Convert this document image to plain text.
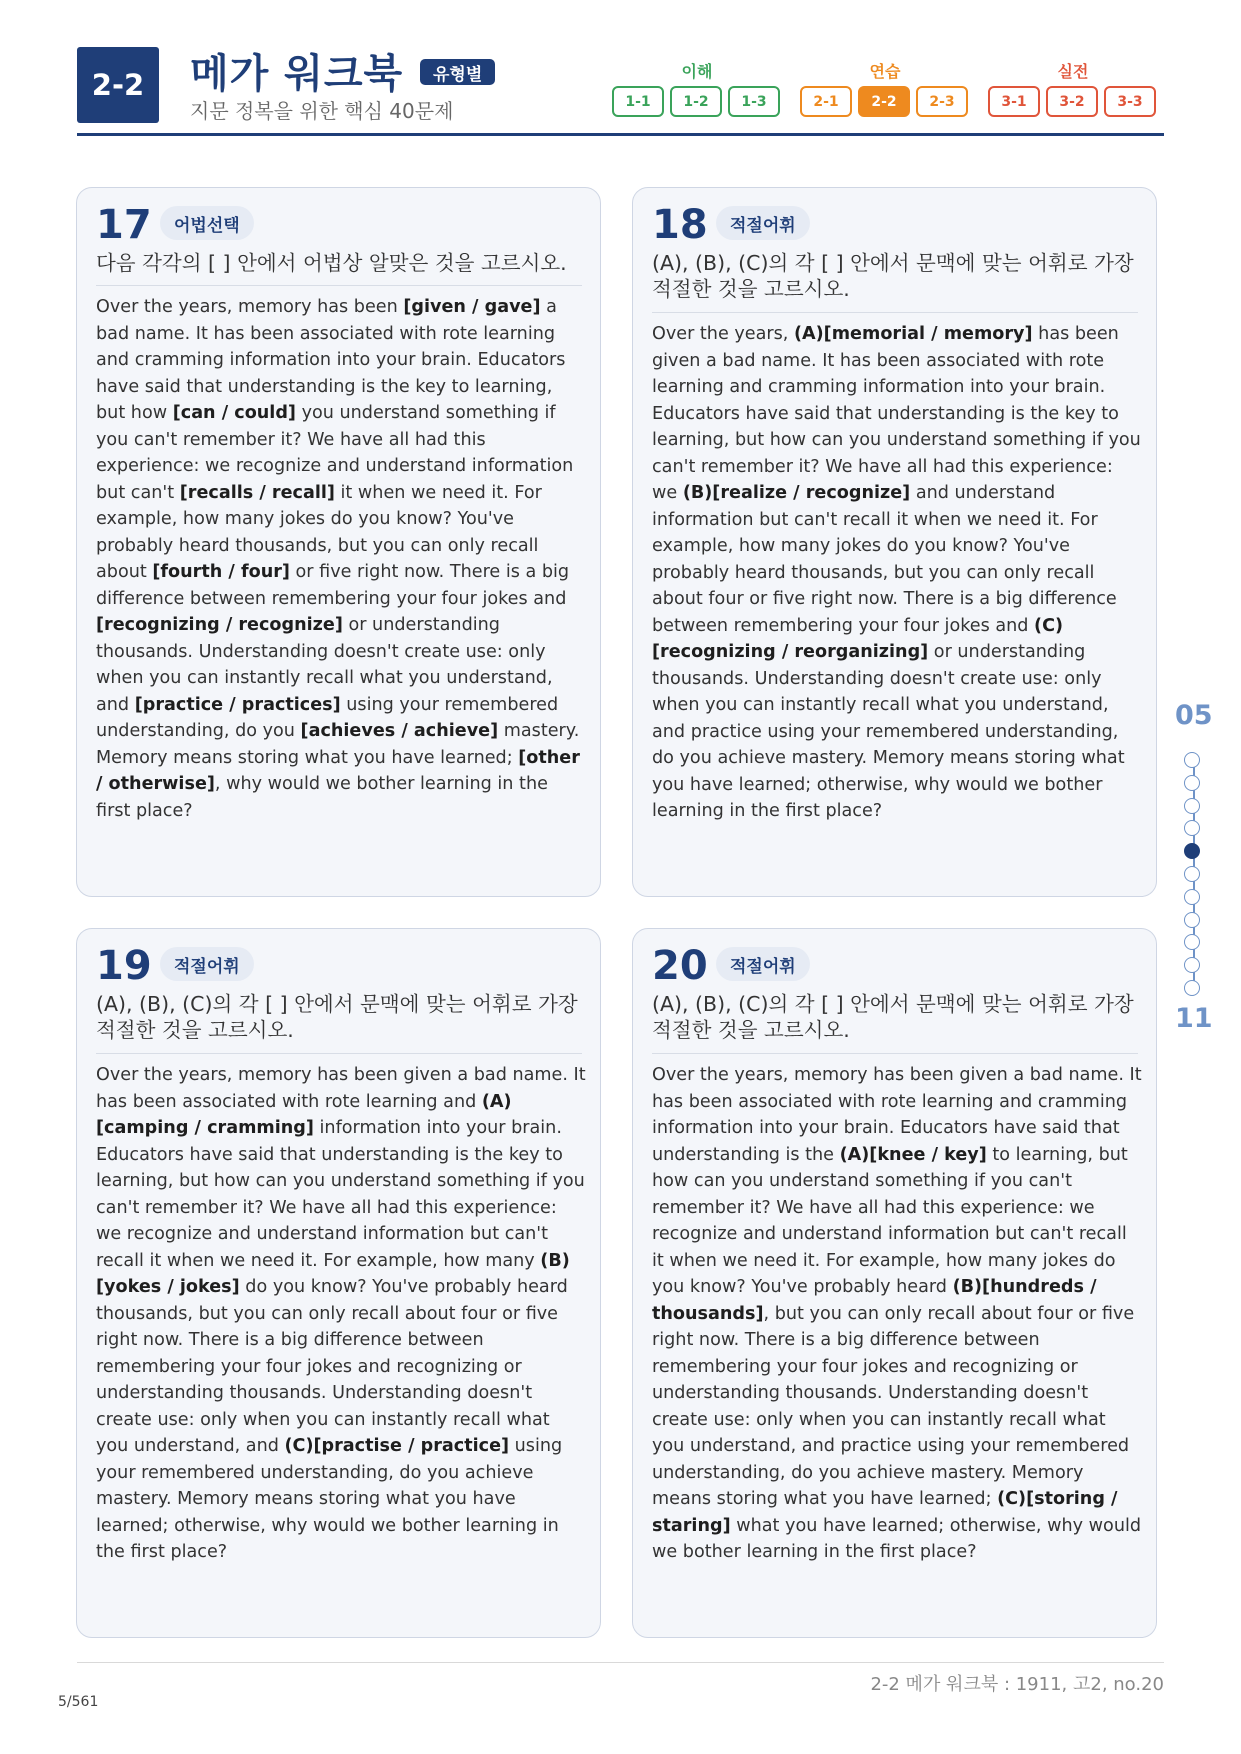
2-2	메가 워크북	유형별
지문 정복을 위한 핵심 40문제
이해
1-1	1-2	1-3
연습
2-1	2-2	2-3
실전
3-1	3-2	3-3
17	어법선택
다음 각각의 [ ] 안에서 어법상 알맞은 것을 고르시오.
Over the years, memory has been [given / gave] a bad name. It has been associated with rote learning and cramming information into your brain. Educators have said that understanding is the key to learning, but how [can / could] you understand something if you can't remember it? We have all had this experience: we recognize and understand information but can't [recalls / recall] it when we need it. For example, how many jokes do you know? You've probably heard thousands, but you can only recall about [fourth / four] or five right now. There is a big difference between remembering your four jokes and [recognizing / recognize] or understanding thousands. Understanding doesn't create use: only when you can instantly recall what you understand, and [practice / practices] using your remembered understanding, do you [achieves / achieve] mastery. Memory means storing what you have learned; [other / otherwise], why would we bother learning in the first place?
18	적절어휘
(A), (B), (C)의 각 [ ] 안에서 문맥에 맞는 어휘로 가장 적절한 것을 고르시오.
Over the years, (A)[memorial / memory] has been given a bad name. It has been associated with rote learning and cramming information into your brain. Educators have said that understanding is the key to learning, but how can you understand something if you can't remember it? We have all had this experience: we (B)[realize / recognize] and understand information but can't recall it when we need it. For example, how many jokes do you know? You've probably heard thousands, but you can only recall about four or five right now. There is a big difference between remembering your four jokes and (C)[recognizing / reorganizing] or understanding thousands. Understanding doesn't create use: only when you can instantly recall what you understand, and practice using your remembered understanding, do you achieve mastery. Memory means storing what you have learned; otherwise, why would we bother learning in the first place?
19	적절어휘
(A), (B), (C)의 각 [ ] 안에서 문맥에 맞는 어휘로 가장 적절한 것을 고르시오.
Over the years, memory has been given a bad name. It has been associated with rote learning and (A)[camping / cramming] information into your brain. Educators have said that understanding is the key to learning, but how can you understand something if you can't remember it? We have all had this experience: we recognize and understand information but can't recall it when we need it. For example, how many (B)[yokes / jokes] do you know? You've probably heard thousands, but you can only recall about four or five right now. There is a big difference between remembering your four jokes and recognizing or understanding thousands. Understanding doesn't create use: only when you can instantly recall what you understand, and (C)[practise / practice] using your remembered understanding, do you achieve mastery. Memory means storing what you have learned; otherwise, why would we bother learning in the first place?
20	적절어휘
(A), (B), (C)의 각 [ ] 안에서 문맥에 맞는 어휘로 가장 적절한 것을 고르시오.
Over the years, memory has been given a bad name. It has been associated with rote learning and cramming information into your brain. Educators have said that understanding is the (A)[knee / key] to learning, but how can you understand something if you can't remember it? We have all had this experience: we recognize and understand information but can't recall it when we need it. For example, how many jokes do you know? You've probably heard (B)[hundreds / thousands], but you can only recall about four or five right now. There is a big difference between remembering your four jokes and recognizing or understanding thousands. Understanding doesn't create use: only when you can instantly recall what you understand, and practice using your remembered understanding, do you achieve mastery. Memory means storing what you have learned; (C)[storing / staring] what you have learned; otherwise, why would we bother learning in the first place?
05
11
2-2 메가 워크북 : 1911, 고2, no.20
5/561
